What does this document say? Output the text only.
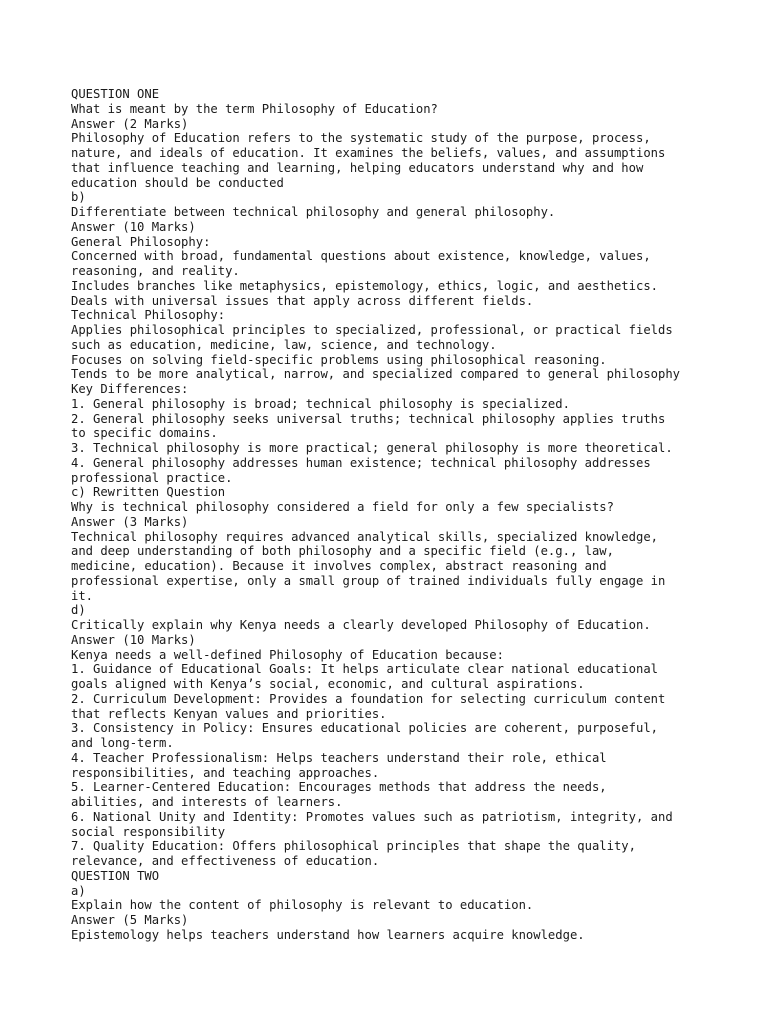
QUESTION ONE
What is meant by the term Philosophy of Education?
Answer (2 Marks)
Philosophy of Education refers to the systematic study of the purpose, process,
nature, and ideals of education. It examines the beliefs, values, and assumptions
that influence teaching and learning, helping educators understand why and how
education should be conducted
b)
Differentiate between technical philosophy and general philosophy.
Answer (10 Marks)
General Philosophy:
Concerned with broad, fundamental questions about existence, knowledge, values,
reasoning, and reality.
Includes branches like metaphysics, epistemology, ethics, logic, and aesthetics.
Deals with universal issues that apply across different fields.
Technical Philosophy:
Applies philosophical principles to specialized, professional, or practical fields
such as education, medicine, law, science, and technology.
Focuses on solving field-specific problems using philosophical reasoning.
Tends to be more analytical, narrow, and specialized compared to general philosophy
Key Differences:
1. General philosophy is broad; technical philosophy is specialized.
2. General philosophy seeks universal truths; technical philosophy applies truths
to specific domains.
3. Technical philosophy is more practical; general philosophy is more theoretical.
4. General philosophy addresses human existence; technical philosophy addresses
professional practice.
c) Rewritten Question
Why is technical philosophy considered a field for only a few specialists?
Answer (3 Marks)
Technical philosophy requires advanced analytical skills, specialized knowledge,
and deep understanding of both philosophy and a specific field (e.g., law,
medicine, education). Because it involves complex, abstract reasoning and
professional expertise, only a small group of trained individuals fully engage in
it.
d)
Critically explain why Kenya needs a clearly developed Philosophy of Education.
Answer (10 Marks)
Kenya needs a well-defined Philosophy of Education because:
1. Guidance of Educational Goals: It helps articulate clear national educational
goals aligned with Kenya’s social, economic, and cultural aspirations.
2. Curriculum Development: Provides a foundation for selecting curriculum content
that reflects Kenyan values and priorities.
3. Consistency in Policy: Ensures educational policies are coherent, purposeful,
and long-term.
4. Teacher Professionalism: Helps teachers understand their role, ethical
responsibilities, and teaching approaches.
5. Learner-Centered Education: Encourages methods that address the needs,
abilities, and interests of learners.
6. National Unity and Identity: Promotes values such as patriotism, integrity, and
social responsibility
7. Quality Education: Offers philosophical principles that shape the quality,
relevance, and effectiveness of education.
QUESTION TWO
a)
Explain how the content of philosophy is relevant to education.
Answer (5 Marks)
Epistemology helps teachers understand how learners acquire knowledge.
